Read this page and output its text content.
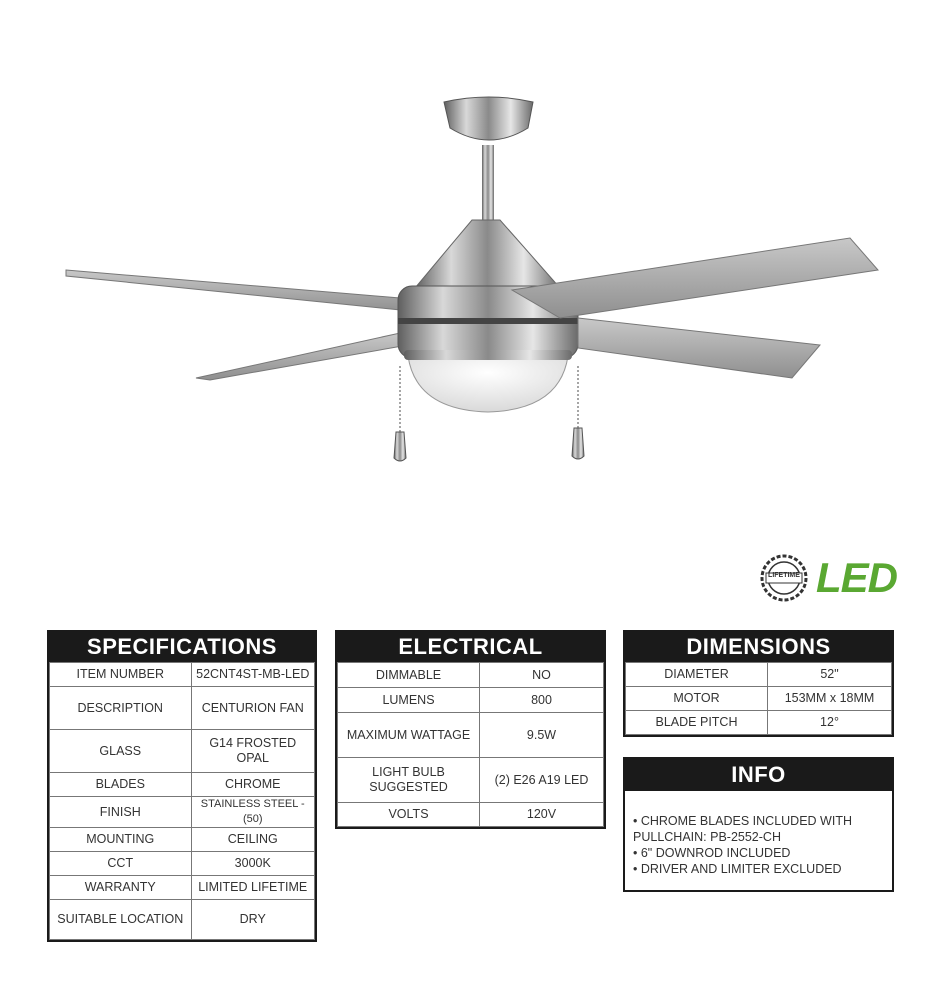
LIFETIME LED
SPECIFICATIONS
ITEM NUMBER	52CNT4ST-MB-LED
DESCRIPTION	CENTURION FAN
GLASS	G14 FROSTED OPAL
BLADES	CHROME
FINISH	STAINLESS STEEL - (50)
MOUNTING	CEILING
CCT	3000K
WARRANTY	LIMITED LIFETIME
SUITABLE LOCATION	DRY
ELECTRICAL
DIMMABLE	NO
LUMENS	800
MAXIMUM WATTAGE	9.5W
LIGHT BULB SUGGESTED	(2) E26 A19 LED
VOLTS	120V
DIMENSIONS
DIAMETER	52"
MOTOR	153MM x 18MM
BLADE PITCH	12°
INFO
• CHROME BLADES INCLUDED WITH PULLCHAIN: PB-2552-CH
• 6" DOWNROD INCLUDED
• DRIVER AND LIMITER EXCLUDED
